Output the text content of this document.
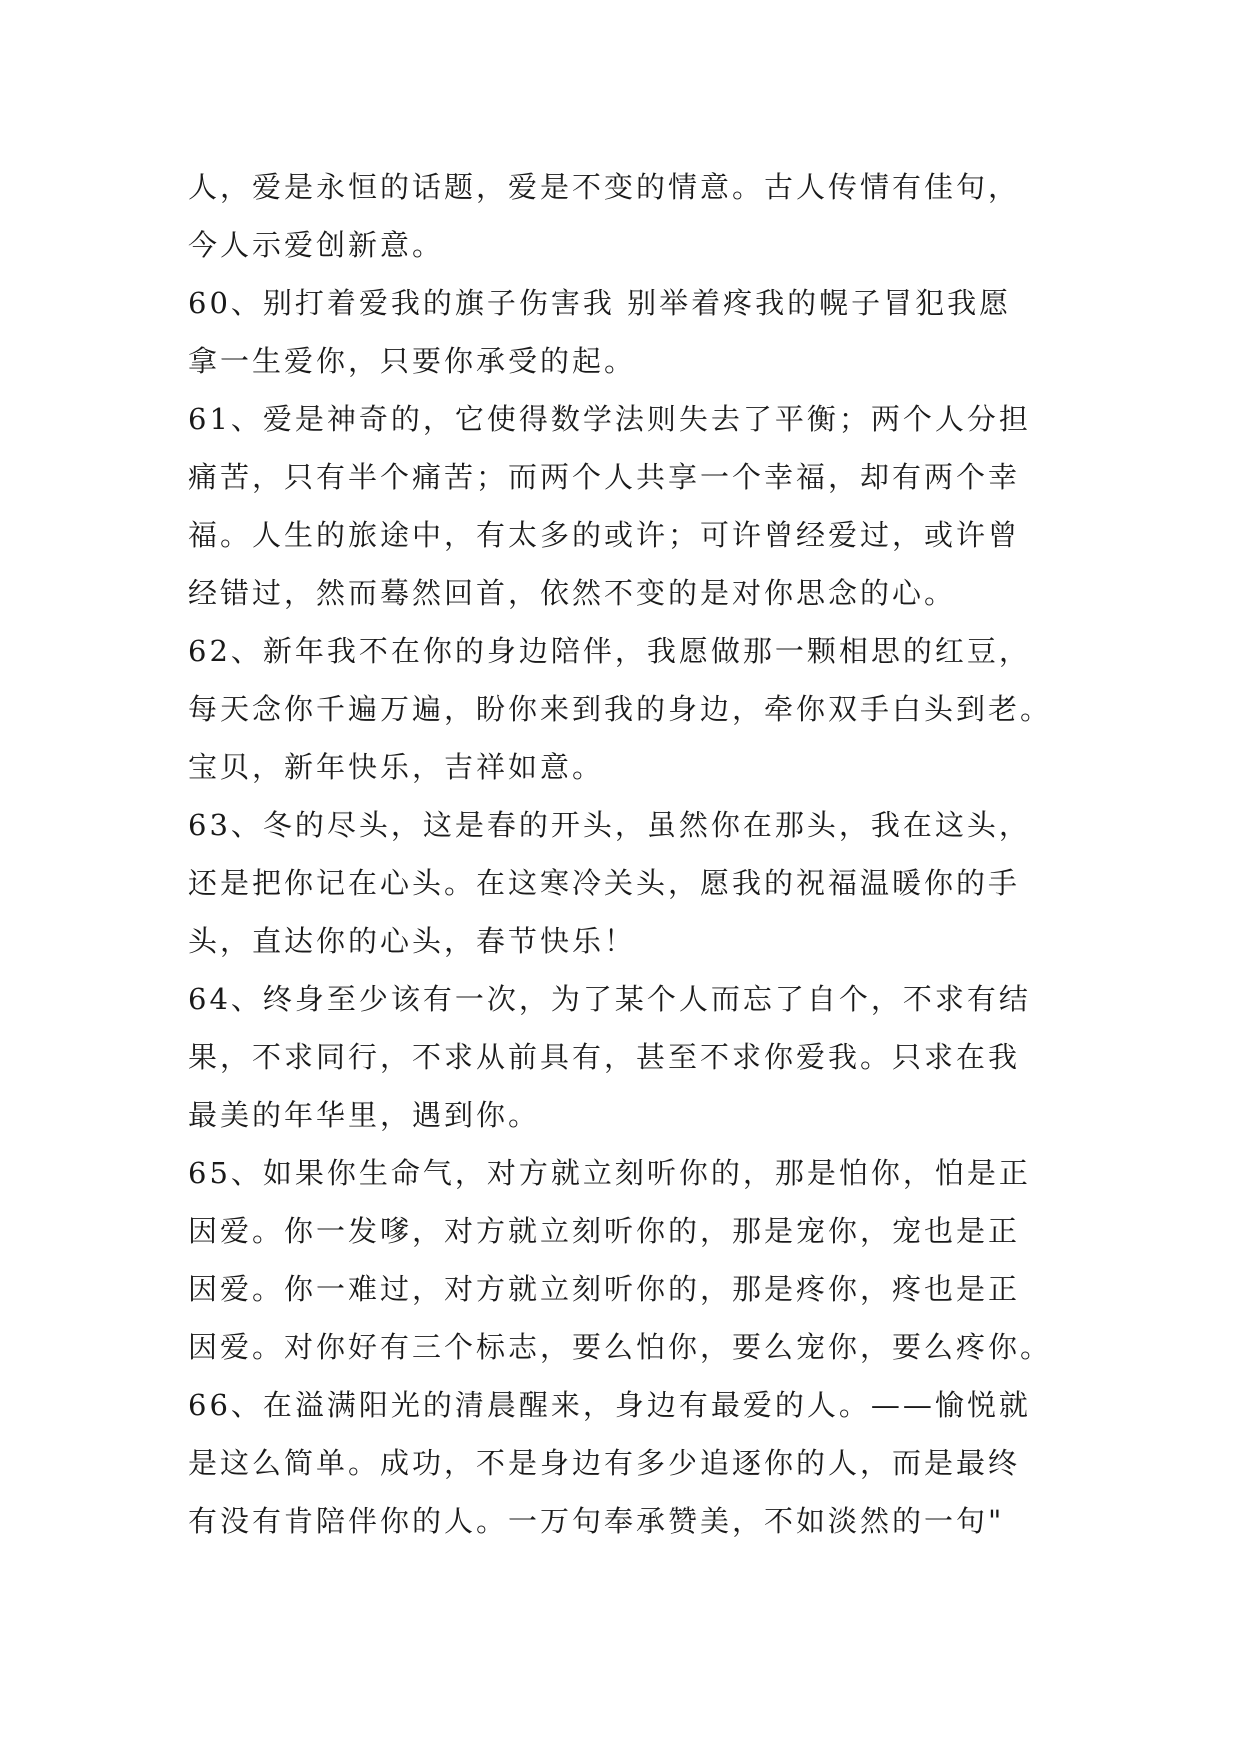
人，爱是永恒的话题，爱是不变的情意。古人传情有佳句，
今人示爱创新意。
60、别打着爱我的旗子伤害我 别举着疼我的幌子冒犯我愿
拿一生爱你，只要你承受的起。
61、爱是神奇的，它使得数学法则失去了平衡；两个人分担
痛苦，只有半个痛苦；而两个人共享一个幸福，却有两个幸
福。人生的旅途中，有太多的或许；可许曾经爱过，或许曾
经错过，然而蓦然回首，依然不变的是对你思念的心。
62、新年我不在你的身边陪伴，我愿做那一颗相思的红豆，
每天念你千遍万遍，盼你来到我的身边，牵你双手白头到老。
宝贝，新年快乐，吉祥如意。
63、冬的尽头，这是春的开头，虽然你在那头，我在这头，
还是把你记在心头。在这寒冷关头，愿我的祝福温暖你的手
头，直达你的心头，春节快乐！
64、终身至少该有一次，为了某个人而忘了自个，不求有结
果，不求同行，不求从前具有，甚至不求你爱我。只求在我
最美的年华里，遇到你。
65、如果你生命气，对方就立刻听你的，那是怕你，怕是正
因爱。你一发嗲，对方就立刻听你的，那是宠你，宠也是正
因爱。你一难过，对方就立刻听你的，那是疼你，疼也是正
因爱。对你好有三个标志，要么怕你，要么宠你，要么疼你。
66、在溢满阳光的清晨醒来，身边有最爱的人。——愉悦就
是这么简单。成功，不是身边有多少追逐你的人，而是最终
有没有肯陪伴你的人。一万句奉承赞美，不如淡然的一句"
